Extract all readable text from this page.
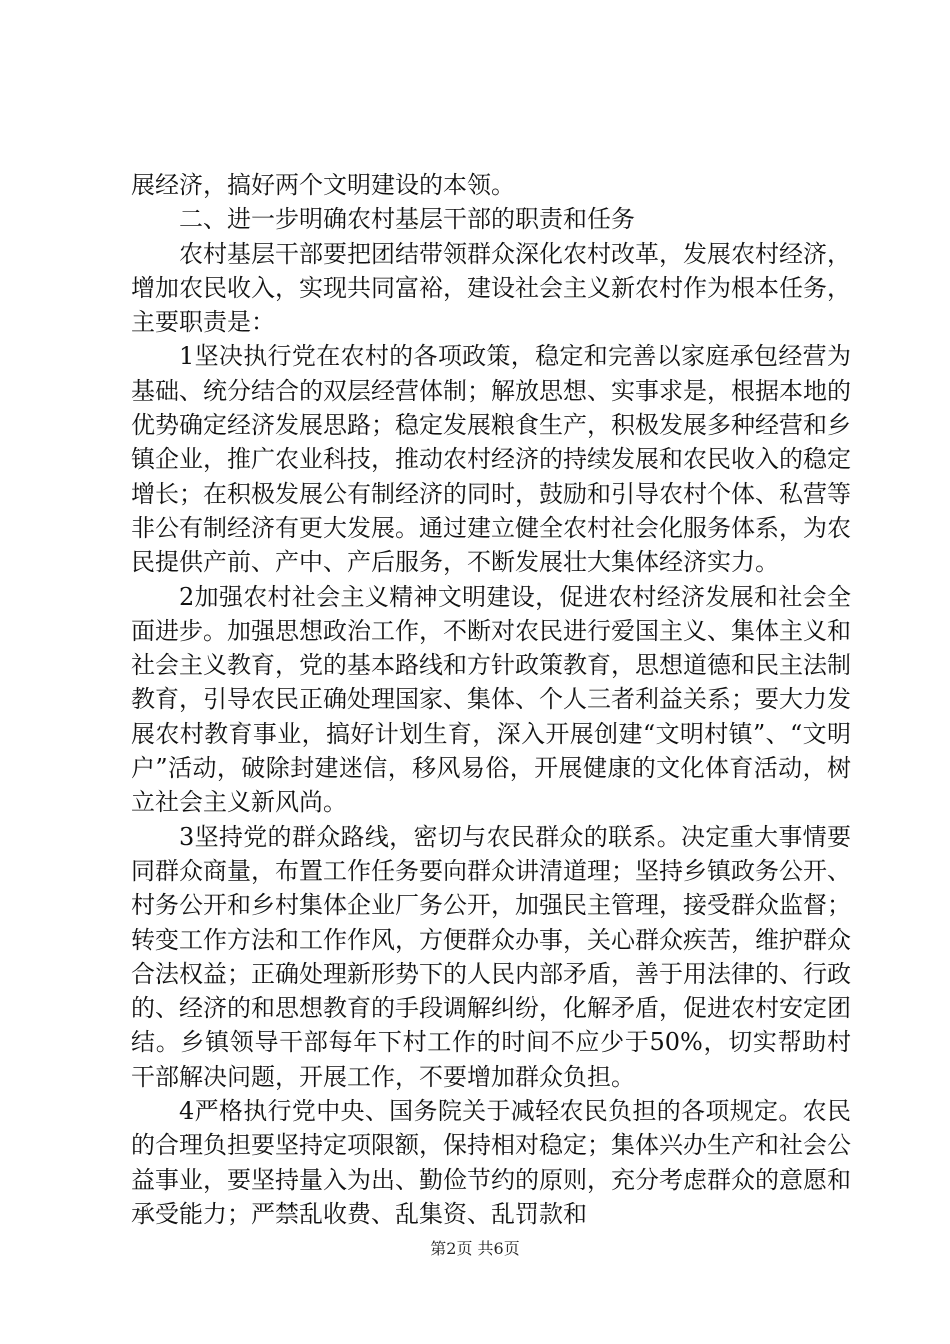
展经济，搞好两个文明建设的本领。

二、进一步明确农村基层干部的职责和任务

农村基层干部要把团结带领群众深化农村改革，发展农村经济，增加农民收入，实现共同富裕，建设社会主义新农村作为根本任务，主要职责是：

1坚决执行党在农村的各项政策，稳定和完善以家庭承包经营为基础、统分结合的双层经营体制；解放思想、实事求是，根据本地的优势确定经济发展思路；稳定发展粮食生产，积极发展多种经营和乡镇企业，推广农业科技，推动农村经济的持续发展和农民收入的稳定增长；在积极发展公有制经济的同时，鼓励和引导农村个体、私营等非公有制经济有更大发展。通过建立健全农村社会化服务体系，为农民提供产前、产中、产后服务，不断发展壮大集体经济实力。

2加强农村社会主义精神文明建设，促进农村经济发展和社会全面进步。加强思想政治工作，不断对农民进行爱国主义、集体主义和社会主义教育，党的基本路线和方针政策教育，思想道德和民主法制教育，引导农民正确处理国家、集体、个人三者利益关系；要大力发展农村教育事业，搞好计划生育，深入开展创建“文明村镇”、“文明户”活动，破除封建迷信，移风易俗，开展健康的文化体育活动，树立社会主义新风尚。

3坚持党的群众路线，密切与农民群众的联系。决定重大事情要同群众商量，布置工作任务要向群众讲清道理；坚持乡镇政务公开、村务公开和乡村集体企业厂务公开，加强民主管理，接受群众监督；转变工作方法和工作作风，方便群众办事，关心群众疾苦，维护群众合法权益；正确处理新形势下的人民内部矛盾，善于用法律的、行政的、经济的和思想教育的手段调解纠纷，化解矛盾，促进农村安定团结。乡镇领导干部每年下村工作的时间不应少于50%，切实帮助村干部解决问题，开展工作，不要增加群众负担。

4严格执行党中央、国务院关于减轻农民负担的各项规定。农民的合理负担要坚持定项限额，保持相对稳定；集体兴办生产和社会公益事业，要坚持量入为出、勤俭节约的原则，充分考虑群众的意愿和承受能力；严禁乱收费、乱集资、乱罚款和

第2页 共6页
